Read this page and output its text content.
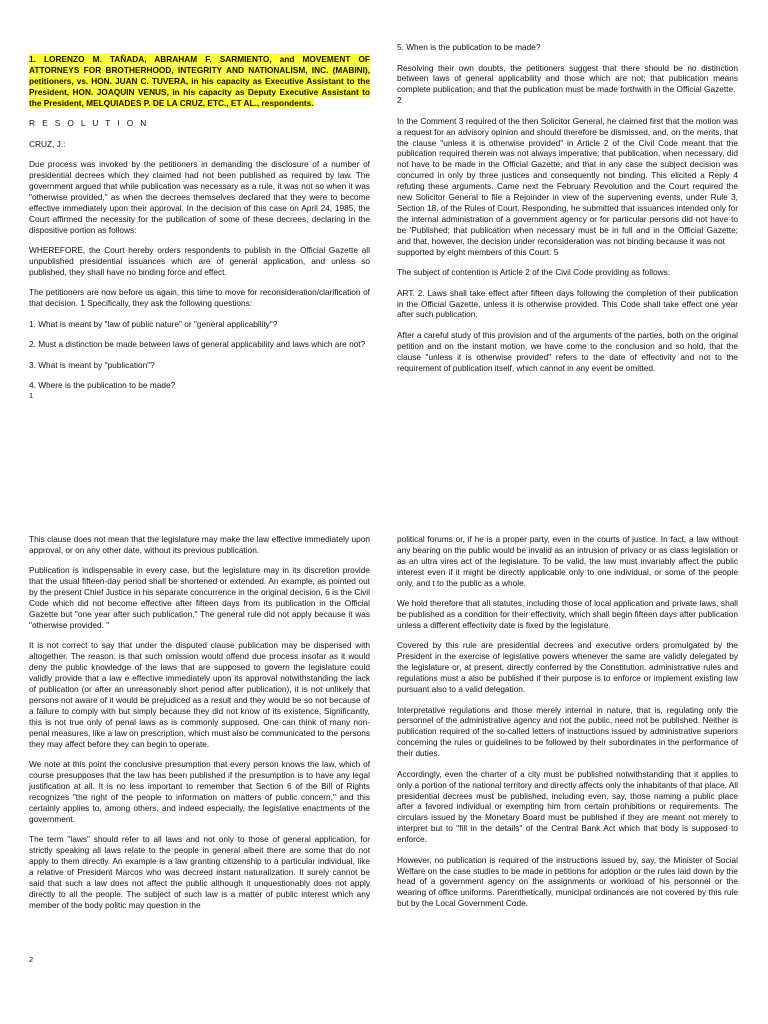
1. LORENZO M. TAÑADA, ABRAHAM F. SARMIENTO, and MOVEMENT OF ATTORNEYS FOR BROTHERHOOD, INTEGRITY AND NATIONALISM, INC. (MABINI), petitioners, vs. HON. JUAN C. TUVERA, in his capacity as Executive Assistant to the President, HON. JOAQUIN VENUS, in his capacity as Deputy Executive Assistant to the President, MELQUIADES P. DE LA CRUZ, ETC., ET AL., respondents.

R E S O L U T I O N

CRUZ, J.:

Due process was invoked by the petitioners in demanding the disclosure of a number of presidential decrees which they claimed had not been published as required by law. The government argued that while publication was necessary as a rule, it was not so when it was "otherwise provided," as when the decrees themselves declared that they were to become effective immediately upon their approval. In the decision of this case on April 24, 1985, the Court affirmed the necessity for the publication of some of these decrees, declaring in the dispositive portion as follows:

WHEREFORE, the Court hereby orders respondents to publish in the Official Gazette all unpublished presidential issuances which are of general application, and unless so published, they shall have no binding force and effect.

The petitioners are now before us again, this time to move for reconsideration/clarification of that decision. 1 Specifically, they ask the following questions:

1. What is meant by "law of public nature" or "general applicability"?

2. Must a distinction be made between laws of general applicability and laws which are not?

3. What is meant by "publication"?

4. Where is the publication to be made?

1

5. When is the publication to be made?

Resolving their own doubts, the petitioners suggest that there should be no distinction between laws of general applicability and those which are not; that publication means complete publication; and that the publication must be made forthwith in the Official Gazette.

2

In the Comment 3 required of the then Solicitor General, he claimed first that the motion was a request for an advisory opinion and should therefore be dismissed, and, on the merits, that the clause "unless it is otherwise provided" in Article 2 of the Civil Code meant that the publication required therein was not always imperative; that publication, when necessary, did not have to be made in the Official Gazette; and that in any case the subject decision was concurred in only by three justices and consequently not binding. This elicited a Reply 4 refuting these arguments. Came next the February Revolution and the Court required the new Solicitor General to file a Rejoinder in view of the supervening events, under Rule 3, Section 18, of the Rules of Court. Responding, he submitted that issuances intended only for the internal administration of a government agency or for particular persons did not have to be 'Published; that publication when necessary must be in full and in the Official Gazette; and that, however, the decision under reconsideration was not binding because it was not

supported by eight members of this Court. 5

The subject of contention is Article 2 of the Civil Code providing as follows:

ART. 2. Laws shall take effect after fifteen days following the completion of their publication in the Official Gazette, unless it is otherwise provided. This Code shall take effect one year after such publication.

After a careful study of this provision and of the arguments of the parties, both on the original petition and on the instant motion, we have come to the conclusion and so hold, that the clause "unless it is otherwise provided" refers to the date of effectivity and not to the requirement of publication itself, which cannot in any event be omitted.

This clause does not mean that the legislature may make the law effective immediately upon approval, or on any other date, without its previous publication.

Publication is indispensable in every case, but the legislature may in its discretion provide that the usual fifteen-day period shall be shortened or extended. An example, as pointed out by the present Chief Justice in his separate concurrence in the original decision, 6 is the Civil Code which did not become effective after fifteen days from its publication in the Official Gazette but "one year after such publication." The general rule did not apply because it was "otherwise provided. "

It is not correct to say that under the disputed clause publication may be dispensed with altogether. The reason. is that such omission would offend due process insofar as it would deny the public knowledge of the laws that are supposed to govern the legislature could validly provide that a law e effective immediately upon its approval notwithstanding the lack of publication (or after an unreasonably short period after publication), it is not unlikely that persons not aware of it would be prejudiced as a result and they would be so not because of a failure to comply with but simply because they did not know of its existence, Significantly, this is not true only of penal laws as is commonly supposed. One can think of many non-penal measures, like a law on prescription, which must also be communicated to the persons they may affect before they can begin to operate.

We note at this point the conclusive presumption that every person knows the law, which of course presupposes that the law has been published if the presumption is to have any legal justification at all. It is no less important to remember that Section 6 of the Bill of Rights recognizes "the right of the people to information on matters of public concern," and this certainly applies to, among others, and indeed especially, the legislative enactments of the government.

The term "laws" should refer to all laws and not only to those of general application, for strictly speaking all laws relate to the people in general albeit there are some that do not apply to them directly. An example is a law granting citizenship to a particular individual, like a relative of President Marcos who was decreed instant naturalization. It surely cannot be said that such a law does not affect the public although it unquestionably does not apply directly to all the people. The subject of such law is a matter of public interest which any member of the body politic may question in the

2

political forums or, if he is a proper party, even in the courts of justice. In fact, a law without any bearing on the public would be invalid as an intrusion of privacy or as class legislation or as an ultra vires act of the legislature. To be valid, the law must invariably affect the public interest even if it might be directly applicable only to one individual, or some of the people only, and t to the public as a whole.

We hold therefore that all statutes, including those of local application and private laws, shall be published as a condition for their effectivity, which shall begin fifteen days after publication unless a different effectivity date is fixed by the legislature.

Covered by this rule are presidential decrees and executive orders promulgated by the President in the exercise of legislative powers whenever the same are validly delegated by the legislature or, at present, directly conferred by the Constitution. administrative rules and regulations must a also be published if their purpose is to enforce or implement existing law pursuant also to a valid delegation.

Interpretative regulations and those merely internal in nature, that is, regulating only the personnel of the administrative agency and not the public, need not be published. Neither is publication required of the so-called letters of instructions issued by administrative superiors concerning the rules or guidelines to be followed by their subordinates in the performance of their duties.

Accordingly, even the charter of a city must be published notwithstanding that it applies to only a portion of the national territory and directly affects only the inhabitants of that place. All presidential decrees must be published, including even, say, those naming a public place after a favored individual or exempting him from certain prohibitions or requirements. The circulars issued by the Monetary Board must be published if they are meant not merely to interpret but to "fill in the details" of the Central Bank Act which that body is supposed to enforce.

However, no publication is required of the instructions issued by, say, the Minister of Social Welfare on the case studies to be made in petitions for adoption or the rules laid down by the head of a government agency on the assignments or workload of his personnel or the wearing of office uniforms. Parenthetically, municipal ordinances are not covered by this rule but by the Local Government Code.
